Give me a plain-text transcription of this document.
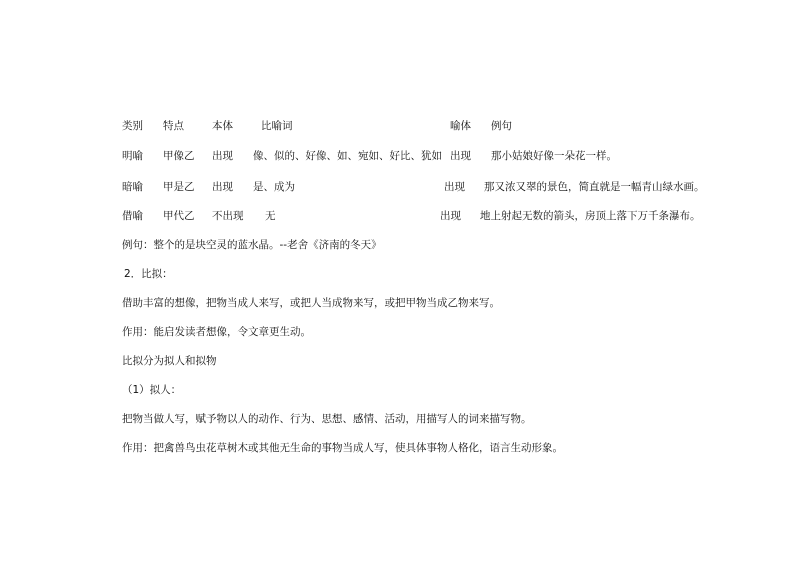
类别 特点	本体	比喻词	喻体 例句
明喻 甲像乙 出现 像、似的、好像、如、宛如、好比、犹如 出现 那小姑娘好像一朵花一样。
暗喻 甲是乙 出现 是、成为	出现 那又浓又翠的景色，简直就是一幅青山绿水画。
借喻 甲代乙 不出现 无	出现 地上射起无数的箭头，房顶上落下万千条瀑布。
例句：整个的是块空灵的蓝水晶。--老舍《济南的冬天》
2．比拟：
借助丰富的想像，把物当成人来写，或把人当成物来写，或把甲物当成乙物来写。
作用：能启发读者想像，令文章更生动。
比拟分为拟人和拟物
（1）拟人：
把物当做人写，赋予物以人的动作、行为、思想、感情、活动，用描写人的词来描写物。
作用：把禽兽鸟虫花草树木或其他无生命的事物当成人写，使具体事物人格化，语言生动形象。
